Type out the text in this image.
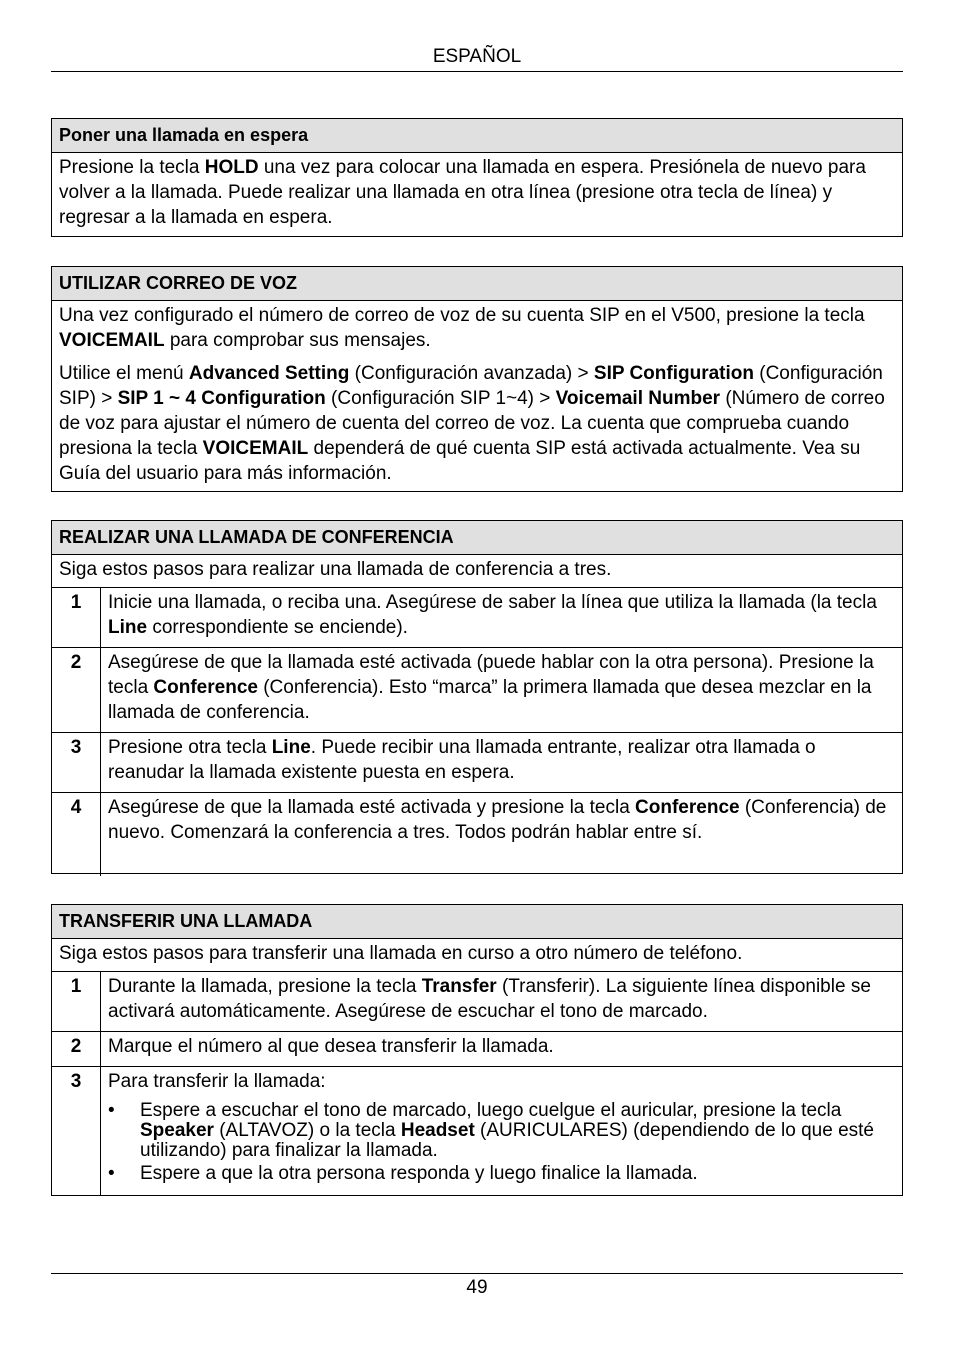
ESPAÑOL
Poner una llamada en espera

Presione la tecla HOLD una vez para colocar una llamada en espera. Presiónela de nuevo para volver a la llamada. Puede realizar una llamada en otra línea (presione otra tecla de línea) y regresar a la llamada en espera.

UTILIZAR CORREO DE VOZ

Una vez configurado el número de correo de voz de su cuenta SIP en el V500, presione la tecla VOICEMAIL para comprobar sus mensajes.

Utilice el menú Advanced Setting (Configuración avanzada) > SIP Configuration (Configuración SIP) > SIP 1 ~ 4 Configuration (Configuración SIP 1~4) > Voicemail Number (Número de correo de voz para ajustar el número de cuenta del correo de voz. La cuenta que comprueba cuando presiona la tecla VOICEMAIL dependerá de qué cuenta SIP está activada actualmente. Vea su Guía del usuario para más información.

REALIZAR UNA LLAMADA DE CONFERENCIA
Siga estos pasos para realizar una llamada de conferencia a tres.
1	Inicie una llamada, o reciba una. Asegúrese de saber la línea que utiliza la llamada (la tecla Line correspondiente se enciende).
2	Asegúrese de que la llamada esté activada (puede hablar con la otra persona). Presione la tecla Conference (Conferencia). Esto “marca” la primera llamada que desea mezclar en la llamada de conferencia.
3	Presione otra tecla Line. Puede recibir una llamada entrante, realizar otra llamada o reanudar la llamada existente puesta en espera.
4	Asegúrese de que la llamada esté activada y presione la tecla Conference (Conferencia) de nuevo. Comenzará la conferencia a tres. Todos podrán hablar entre sí.
TRANSFERIR UNA LLAMADA
Siga estos pasos para transferir una llamada en curso a otro número de teléfono.
1	Durante la llamada, presione la tecla Transfer (Transferir). La siguiente línea disponible se activará automáticamente. Asegúrese de escuchar el tono de marcado.
2	Marque el número al que desea transferir la llamada.
3	Para transferir la llamada:
• Espere a escuchar el tono de marcado, luego cuelgue el auricular, presione la tecla Speaker (ALTAVOZ) o la tecla Headset (AURICULARES) (dependiendo de lo que esté utilizando) para finalizar la llamada.
• Espere a que la otra persona responda y luego finalice la llamada.
49
